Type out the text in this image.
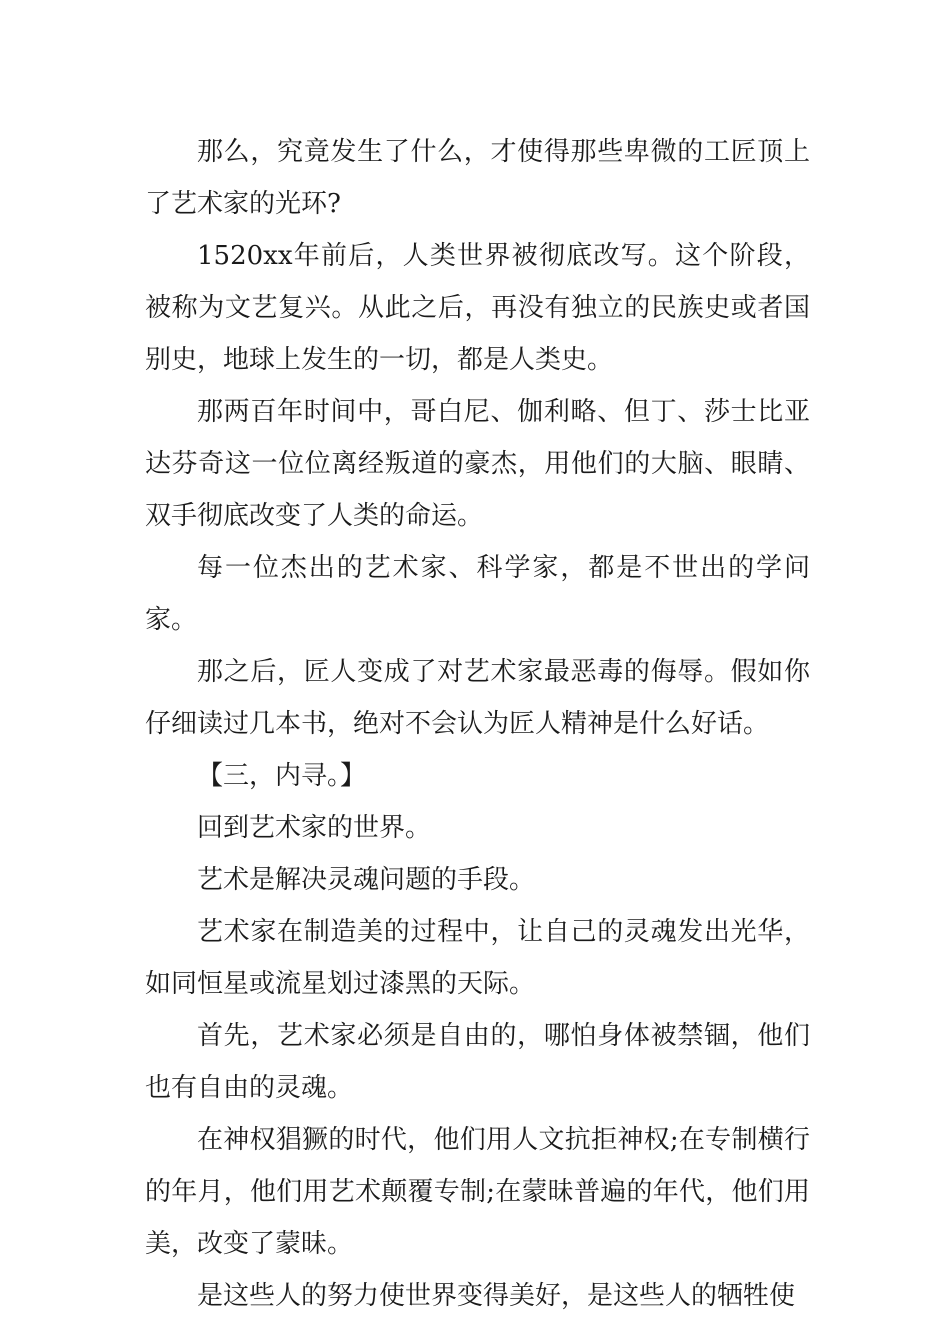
那么，究竟发生了什么，才使得那些卑微的工匠顶上了艺术家的光环?

1520xx年前后，人类世界被彻底改写。这个阶段，被称为文艺复兴。从此之后，再没有独立的民族史或者国别史，地球上发生的一切，都是人类史。

那两百年时间中，哥白尼、伽利略、但丁、莎士比亚达芬奇这一位位离经叛道的豪杰，用他们的大脑、眼睛、双手彻底改变了人类的命运。

每一位杰出的艺术家、科学家，都是不世出的学问家。

那之后，匠人变成了对艺术家最恶毒的侮辱。假如你仔细读过几本书，绝对不会认为匠人精神是什么好话。

【三，内寻。】

回到艺术家的世界。

艺术是解决灵魂问题的手段。

艺术家在制造美的过程中，让自己的灵魂发出光华，如同恒星或流星划过漆黑的天际。

首先，艺术家必须是自由的，哪怕身体被禁锢，他们也有自由的灵魂。

在神权猖獗的时代，他们用人文抗拒神权;在专制横行的年月，他们用艺术颠覆专制;在蒙昧普遍的年代，他们用美，改变了蒙昧。

是这些人的努力使世界变得美好，是这些人的牺牲使
